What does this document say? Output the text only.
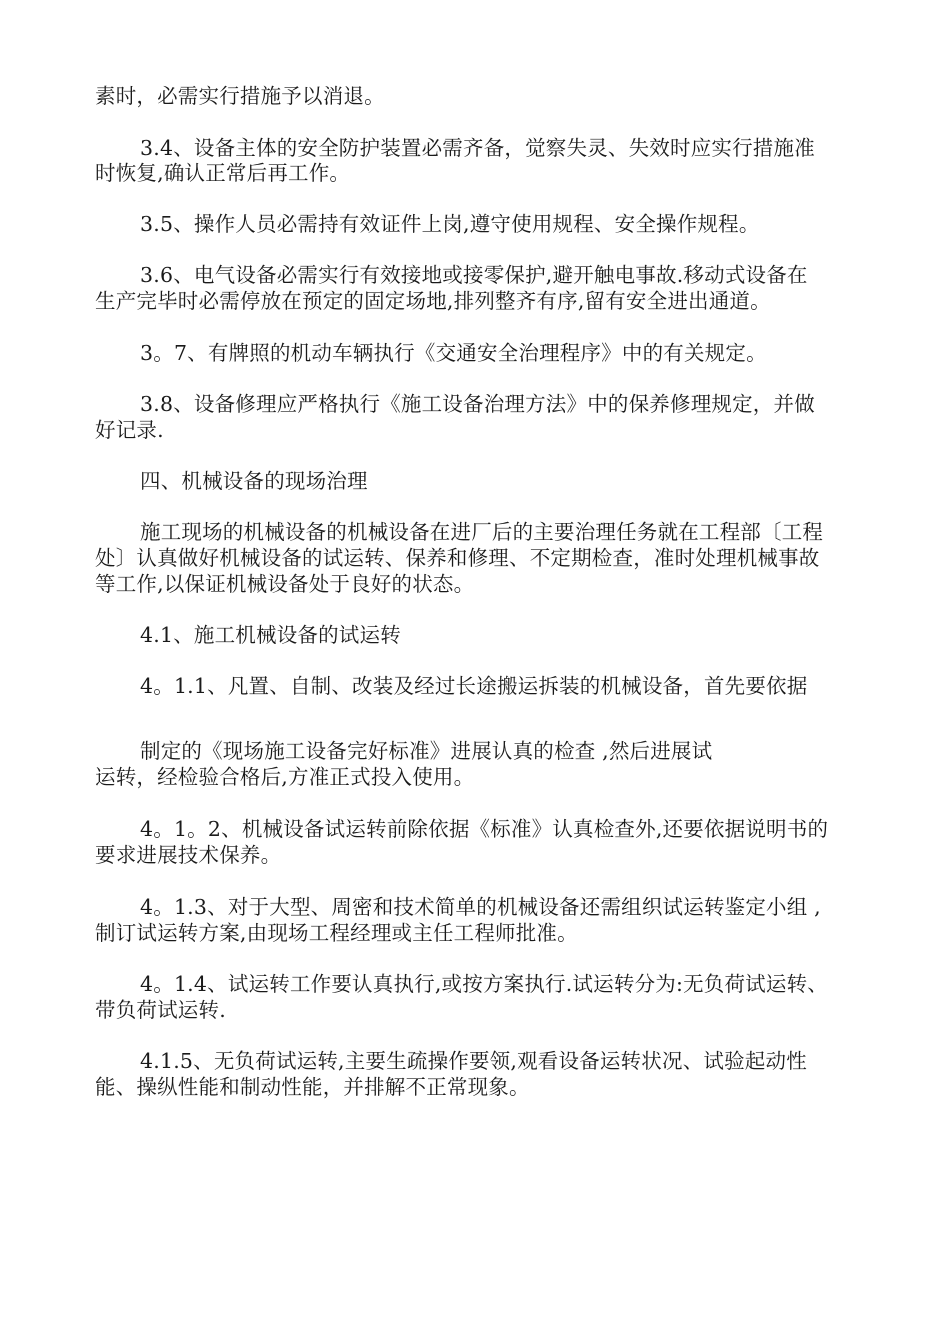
素时，必需实行措施予以消退。
3.4、设备主体的安全防护装置必需齐备，觉察失灵、失效时应实行措施准
时恢复,确认正常后再工作。
3.5、操作人员必需持有效证件上岗,遵守使用规程、安全操作规程。
3.6、电气设备必需实行有效接地或接零保护,避开触电事故.移动式设备在
生产完毕时必需停放在预定的固定场地,排列整齐有序,留有安全进出通道。
3。7、有牌照的机动车辆执行《交通安全治理程序》中的有关规定。
3.8、设备修理应严格执行《施工设备治理方法》中的保养修理规定，并做
好记录.
四、机械设备的现场治理
施工现场的机械设备的机械设备在进厂后的主要治理任务就在工程部〔工程
处〕认真做好机械设备的试运转、保养和修理、不定期检查，准时处理机械事故
等工作,以保证机械设备处于良好的状态。
4.1、施工机械设备的试运转
4。1.1、凡置、自制、改装及经过长途搬运拆装的机械设备，首先要依据
制定的《现场施工设备完好标准》进展认真的检查 ,然后进展试
运转，经检验合格后,方准正式投入使用。
4。1。2、机械设备试运转前除依据《标准》认真检查外,还要依据说明书的
要求进展技术保养。
4。1.3、对于大型、周密和技术简单的机械设备还需组织试运转鉴定小组 ,
制订试运转方案,由现场工程经理或主任工程师批准。
4。1.4、试运转工作要认真执行,或按方案执行.试运转分为:无负荷试运转、
带负荷试运转.
4.1.5、无负荷试运转,主要生疏操作要领,观看设备运转状况、试验起动性
能、操纵性能和制动性能，并排解不正常现象。
